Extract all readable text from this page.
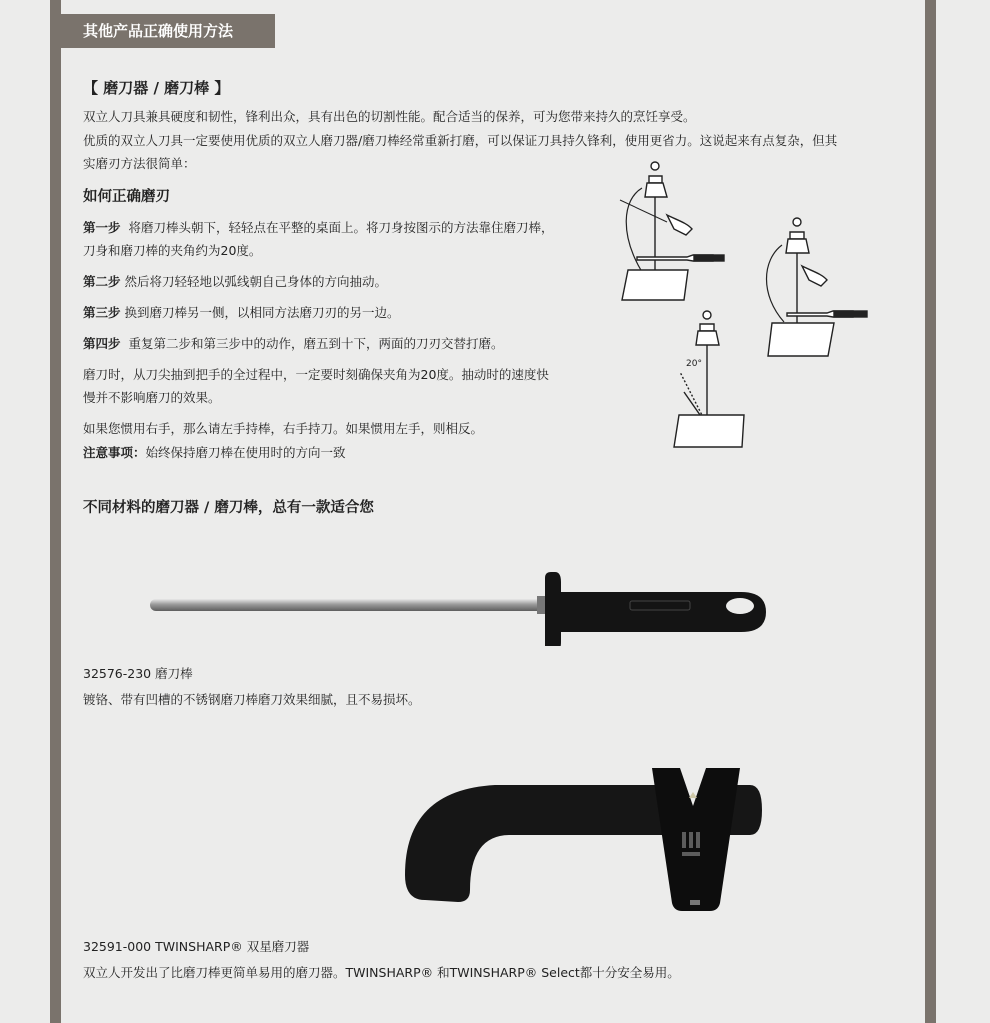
其他产品正确使用方法
【 磨刀器 / 磨刀棒 】
双立人刀具兼具硬度和韧性，锋利出众，具有出色的切割性能。配合适当的保养，可为您带来持久的烹饪享受。
优质的双立人刀具一定要使用优质的双立人磨刀器/磨刀棒经常重新打磨，可以保证刀具持久锋利，使用更省力。这说起来有点复杂，但其
实磨刃方法很简单：
如何正确磨刃
第一步 将磨刀棒头朝下，轻轻点在平整的桌面上。将刀身按图示的方法靠住磨刀棒，
刀身和磨刀棒的夹角约为20度。
第二步 然后将刀轻轻地以弧线朝自己身体的方向抽动。
第三步 换到磨刀棒另一侧，以相同方法磨刀刃的另一边。
第四步 重复第二步和第三步中的动作，磨五到十下，两面的刀刃交替打磨。
磨刀时，从刀尖抽到把手的全过程中，一定要时刻确保夹角为20度。抽动时的速度快
慢并不影响磨刀的效果。
如果您惯用右手，那么请左手持棒，右手持刀。如果惯用左手，则相反。
注意事项：始终保持磨刀棒在使用时的方向一致
20°
不同材料的磨刀器 / 磨刀棒，总有一款适合您
32576-230 磨刀棒
镀铬、带有凹槽的不锈钢磨刀棒磨刀效果细腻，且不易损坏。
32591-000 TWINSHARP® 双星磨刀器
双立人开发出了比磨刀棒更简单易用的磨刀器。TWINSHARP® 和TWINSHARP® Select都十分安全易用。
